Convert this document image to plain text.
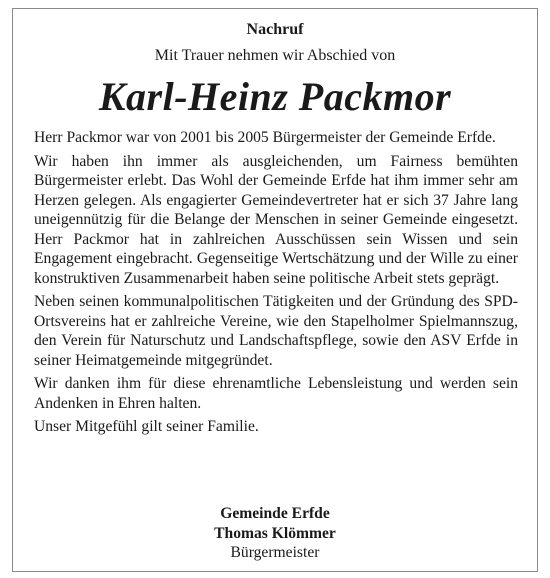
Nachruf
Mit Trauer nehmen wir Abschied von
Karl-Heinz Packmor

Herr Packmor war von 2001 bis 2005 Bürgermeister der Gemeinde Erfde.

Wir haben ihn immer als ausgleichenden, um Fairness bemühten Bürgermeister erlebt. Das Wohl der Gemeinde Erfde hat ihm immer sehr am Herzen gelegen. Als engagierter Gemeindevertreter hat er sich 37 Jahre lang uneigennützig für die Belange der Menschen in seiner Gemeinde eingesetzt. Herr Packmor hat in zahlreichen Ausschüssen sein Wissen und sein Engagement eingebracht. Gegenseitige Wertschätzung und der Wille zu einer konstruktiven Zusammenarbeit haben seine politische Arbeit stets geprägt.

Neben seinen kommunalpolitischen Tätigkeiten und der Gründung des SPD-Ortsvereins hat er zahlreiche Vereine, wie den Stapelholmer Spielmannszug, den Verein für Naturschutz und Landschaftspflege, sowie den ASV Erfde in seiner Heimatgemeinde mitgegründet.

Wir danken ihm für diese ehrenamtliche Lebensleistung und werden sein Andenken in Ehren halten.

Unser Mitgefühl gilt seiner Familie.

Gemeinde Erfde
Thomas Klömmer
Bürgermeister
